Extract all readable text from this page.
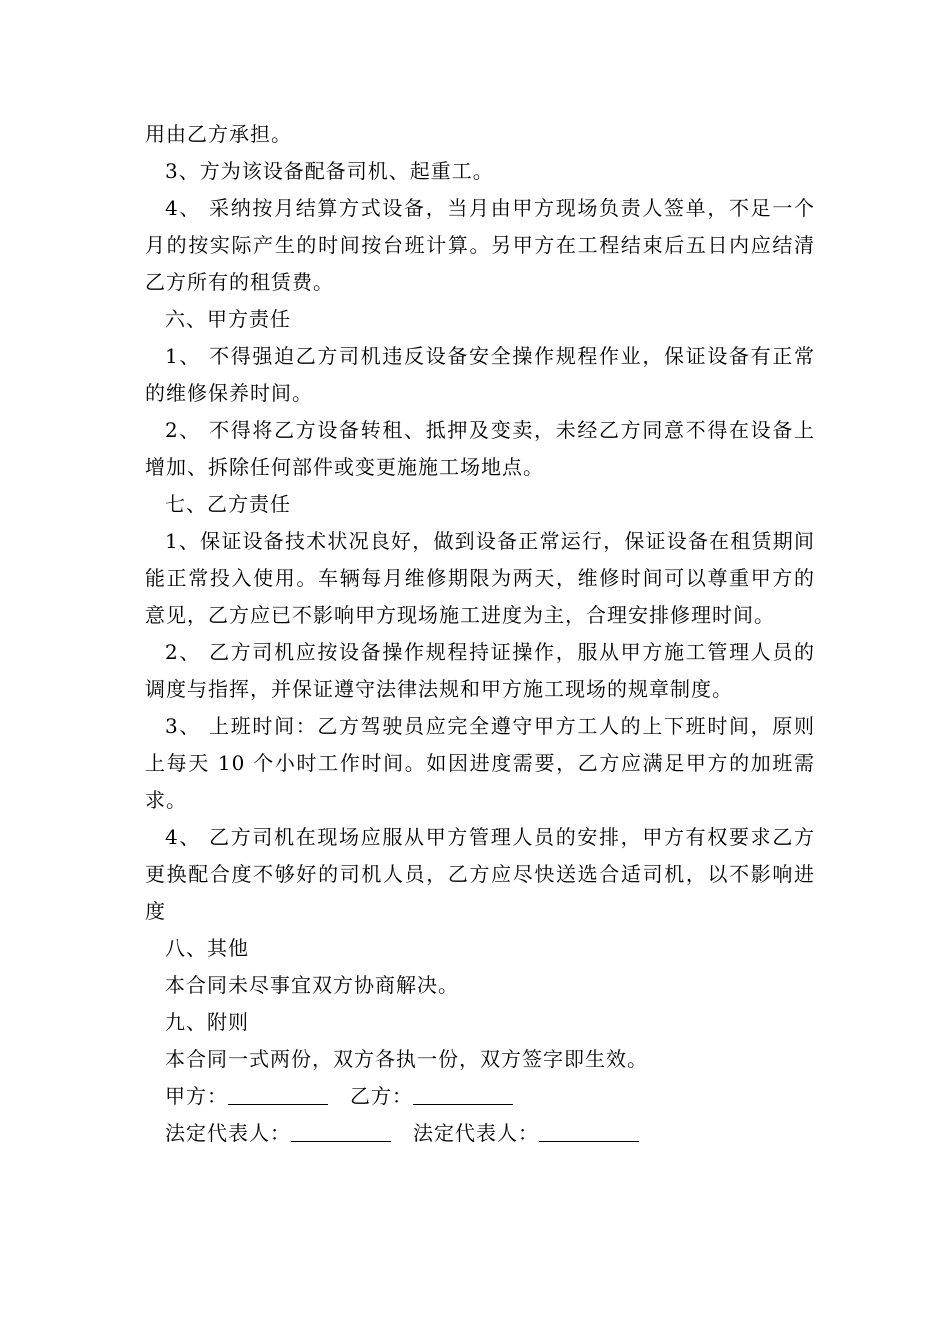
用由乙方承担。

3、方为该设备配备司机、起重工。

4、 采纳按月结算方式设备，当月由甲方现场负责人签单，不足一个月的按实际产生的时间按台班计算。另甲方在工程结束后五日内应结清乙方所有的租赁费。

六、甲方责任

1、 不得强迫乙方司机违反设备安全操作规程作业，保证设备有正常的维修保养时间。

2、 不得将乙方设备转租、抵押及变卖，未经乙方同意不得在设备上增加、拆除任何部件或变更施施工场地点。

七、乙方责任

1、保证设备技术状况良好，做到设备正常运行，保证设备在租赁期间能正常投入使用。车辆每月维修期限为两天，维修时间可以尊重甲方的意见，乙方应已不影响甲方现场施工进度为主，合理安排修理时间。

2、 乙方司机应按设备操作规程持证操作，服从甲方施工管理人员的调度与指挥，并保证遵守法律法规和甲方施工现场的规章制度。

3、 上班时间：乙方驾驶员应完全遵守甲方工人的上下班时间，原则上每天 10 个小时工作时间。如因进度需要，乙方应满足甲方的加班需求。

4、 乙方司机在现场应服从甲方管理人员的安排，甲方有权要求乙方更换配合度不够好的司机人员，乙方应尽快送选合适司机，以不影响进度

八、其他

本合同未尽事宜双方协商解决。

九、附则

本合同一式两份，双方各执一份，双方签字即生效。

甲方：	乙方：
法定代表人：	法定代表人：
